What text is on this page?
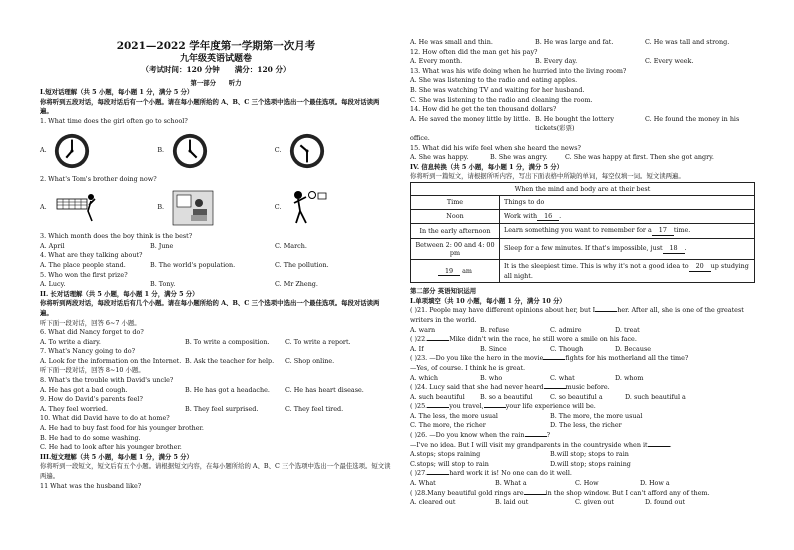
2021—2022 学年度第一学期第一次月考
九年级英语试题卷
（考试时间：120 分钟　　满分：120 分）
第一部分　　听力
I.短对话理解（共 5 小题，每小题 1 分，满分 5 分）
你将听到五段对话，每段对话后有一个小题。请在每小题所给的 A、B、C 三个选项中选出一个最佳选项。每段对话读两遍。
1. What time does the girl often go to school?
A.	B.	C.
2. What's Tom's brother doing now?
A.	B.	C.
3. Which month does the boy think is the best?
A. April	B. June	C. March.
4. What are they talking about?
A. The place people stand.	B. The world's population.	C. The pollution.
5. Who won the first prize?
A. Lucy.	B. Tony.	C. Mr Zheng.
II. 长对话理解（共 5 小题，每小题 1 分，满分 5 分）
你将听到两段对话，每段对话后有几个小题。请在每小题所给的 A、B、C 三个选项中选出一个最佳选项。每段对话读两遍。
听下面一段对话，回答 6~7 小题。
6. What did Nancy forget to do?
A. To write a diary.	B. To write a composition.	C. To write a report.
7. What's Nancy going to do?
A. Look for the information on the Internet. B. Ask the teacher for help.	C. Shop online.
听下面一段对话，回答 8~10 小题。
8. What's the trouble with David's uncle?
A. He has got a bad cough.	B. He has got a headache.	C. He has heart disease.
9. How do David's parents feel?
A. They feel worried.	B. They feel surprised.	C. They feel tired.
10. What did David have to do at home?
A. He had to buy fast food for his younger brother.
B. He had to do some washing.
C. He had to look after his younger brother.
III.短文理解（共 5 小题，每小题 1 分，满分 5 分）
你将听到一段短文，短文后有五个小题。请根据短文内容，在每小题所给的 A、B、C 三个选项中选出一个最佳选项。短文读两遍。
11 What was the husband like?
A. He was small and thin.	B. He was large and fat.	C. He was tall and strong.
12. How often did the man get his pay?
A. Every month.	B. Every day.	C. Every week.
13. What was his wife doing when he hurried into the living room?
A. She was listening to the radio and eating apples.
B. She was watching TV and waiting for her husband.
C. She was listening to the radio and cleaning the room.
14. How did he get the ten thousand dollars?
A. He saved the money little by little. B. He bought the lottery tickets(彩票)
C. He found the money in his
office.
15. What did his wife feel when she heard the news?
A. She was happy.	B. She was angry.	C. She was happy at first. Then she got angry.
IV. 信息转换（共 5 小题，每小题 1 分，满分 5 分）
你将听到一篇短文，请根据所听内容，写出下面表格中所缺的单词，每空仅填一词。短文读两遍。
When the mind and body are at their best	
Time	Things to do
Noon	Work with 16 .
In the early afternoon	Learn something you want to remember for a 17 time.
Between 2: 00 and 4: 00 pm	Sleep for a few minutes. If that's impossible, just 18 .
19 am	It is the sleepiest time. This is why it's not a good idea to 20 up studying all night.
第二部分 英语知识运用
I.单项填空（共 10 小题，每小题 1 分，满分 10 分）
( )21. People may have different opinions about her, but I	her. After all, she is one of the greatest writers in the world.
A. warn	B. refuse	C. admire	D. treat
( )22.	Mike didn't win the race, he still wore a smile on his face.
A. If	B. Since	C. Though	D. Because
( )23. —Do you like the hero in the movie	fights for his motherland all the time?
—Yes, of course. I think he is great.
A. which	B. who	C. what	D. whom
( )24. Lucy said that she had never heard	music before.
A. such beautiful	B. so a beautiful	C. so beautiful a	D. such beautiful a
( )25.	you travel,	your life experience will be.
A. The less, the more usual	B. The more, the more usual
C. The more, the richer	D. The less, the richer
( )26. —Do you know when the rain	?
—I've no idea. But I will visit my grandparents in the countryside when it	.
A.stops; stops raining	B.will stop; stops to rain
C.stops; will stop to rain	D.will stop; stops raining
( )27.	hard work it is! No one can do it well.
A. What	B. What a	C. How	D. How a
( )28.Many beautiful gold rings are	in the shop window. But I can't afford any of them.
A. cleared out	B. laid out	C. given out	D. found out
